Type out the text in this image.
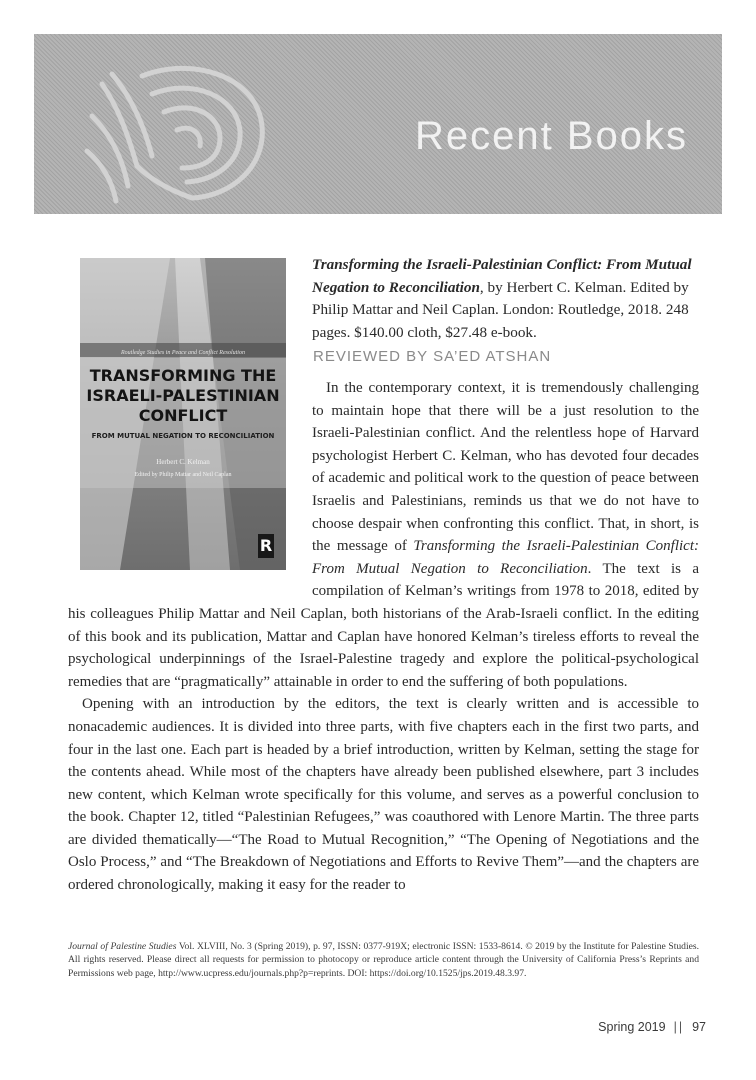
Recent Books
Routledge Studies in Peace and Conflict Resolution
TRANSFORMING THE
ISRAELI-PALESTINIAN
CONFLICT
FROM MUTUAL NEGATION TO RECONCILIATION
Herbert C. Kelman
Edited by Philip Mattar and Neil Caplan
R

Transforming the Israeli-Palestinian Conflict: From Mutual Negation to Reconciliation, by Herbert C. Kelman. Edited by Philip Mattar and Neil Caplan. London: Routledge, 2018. 248 pages. $140.00 cloth, $27.48 e-book.

REVIEWED BY SA’ED ATSHAN

In the contemporary context, it is tremendously challenging to maintain hope that there will be a just resolution to the Israeli-Palestinian conflict. And the relentless hope of Harvard psychologist Herbert C. Kelman, who has devoted four decades of academic and political work to the question of peace between Israelis and Palestinians, reminds us that we do not have to choose despair when confronting this conflict. That, in short, is the message of Transforming the Israeli-Palestinian Conflict: From Mutual Negation to Reconciliation. The text is a compilation of Kelman’s writings from 1978 to 2018, edited by his colleagues Philip Mattar and Neil Caplan, both historians of the Arab-Israeli conflict. In the editing of this book and its publication, Mattar and Caplan have honored Kelman’s tireless efforts to reveal the psychological underpinnings of the Israel-Palestine tragedy and explore the political-psychological remedies that are “pragmatically” attainable in order to end the suffering of both populations.

Opening with an introduction by the editors, the text is clearly written and is accessible to nonacademic audiences. It is divided into three parts, with five chapters each in the first two parts, and four in the last one. Each part is headed by a brief introduction, written by Kelman, setting the stage for the contents ahead. While most of the chapters have already been published elsewhere, part 3 includes new content, which Kelman wrote specifically for this volume, and serves as a powerful conclusion to the book. Chapter 12, titled “Palestinian Refugees,” was coauthored with Lenore Martin. The three parts are divided thematically—“The Road to Mutual Recognition,” “The Opening of Negotiations and the Oslo Process,” and “The Breakdown of Negotiations and Efforts to Revive Them”—and the chapters are ordered chronologically, making it easy for the reader to

Journal of Palestine Studies Vol. XLVIII, No. 3 (Spring 2019), p. 97, ISSN: 0377-919X; electronic ISSN: 1533-8614. © 2019 by the Institute for Palestine Studies. All rights reserved. Please direct all requests for permission to photocopy or reproduce article content through the University of California Press’s Reprints and Permissions web page, http://www.ucpress.edu/journals.php?p=reprints. DOI: https://doi.org/10.1525/jps.2019.48.3.97.

Spring 2019 || 97
